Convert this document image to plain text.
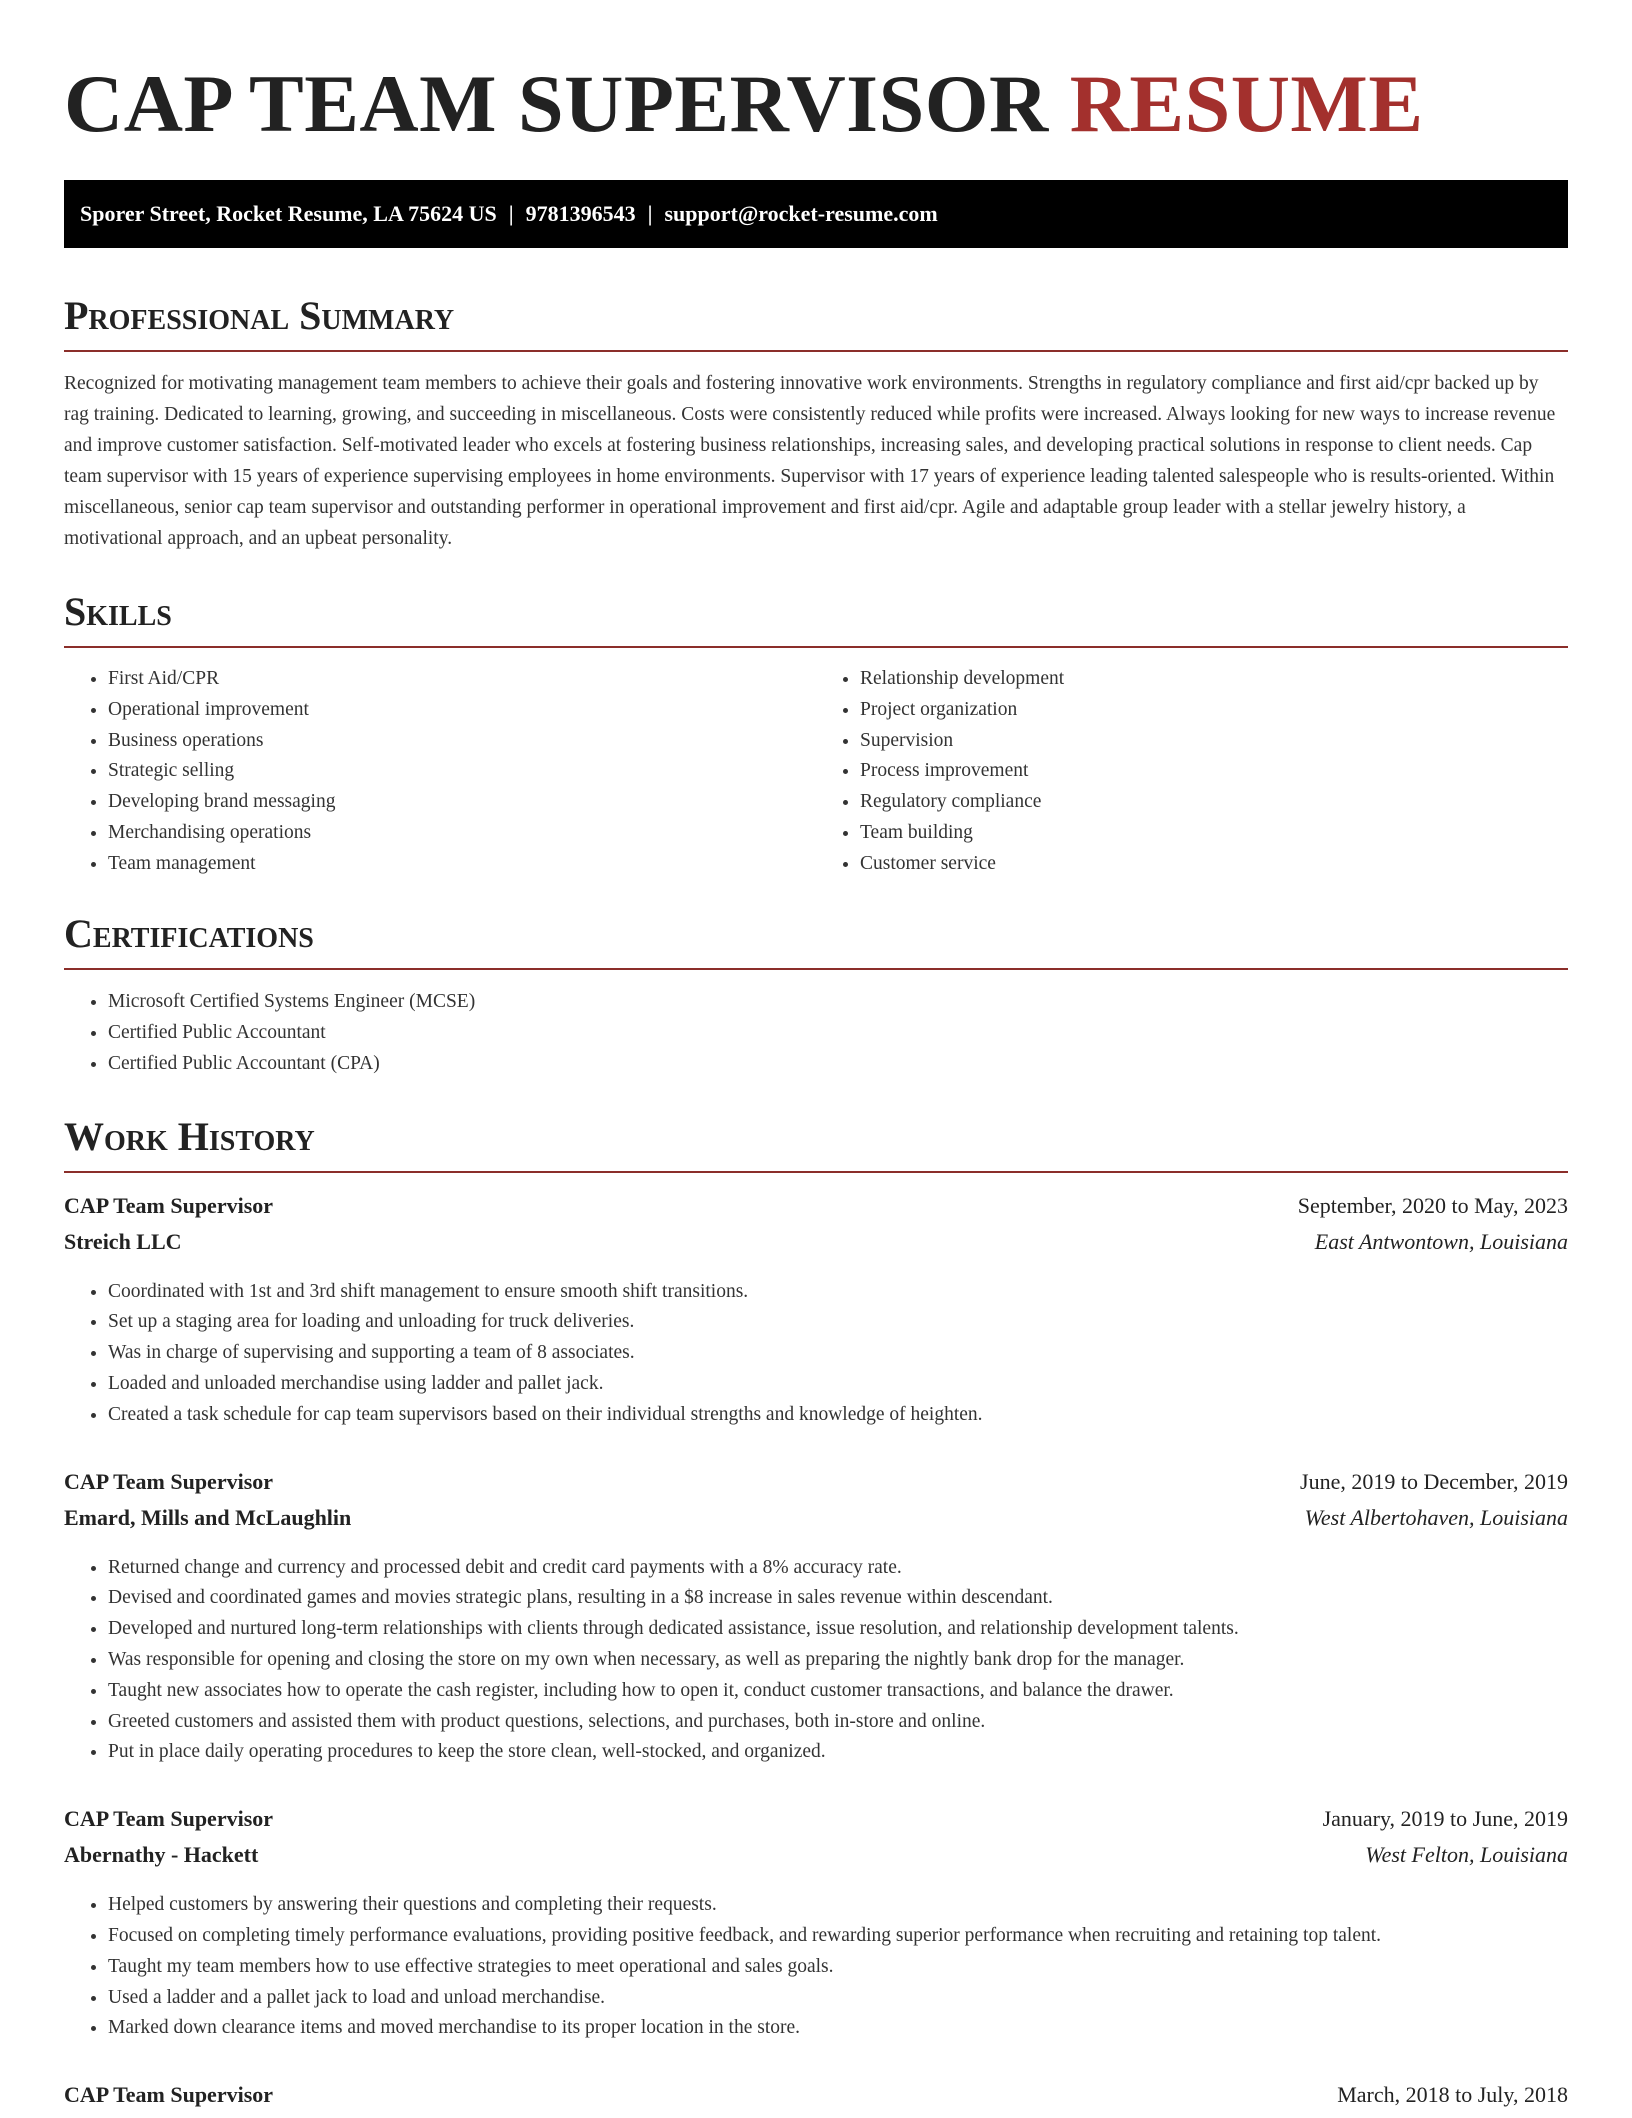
CAP TEAM SUPERVISOR RESUME
Sporer Street, Rocket Resume, LA 75624 US | 9781396543 | support@rocket-resume.com
Professional Summary

Recognized for motivating management team members to achieve their goals and fostering innovative work environments. Strengths in regulatory compliance and first aid/cpr backed up by rag training. Dedicated to learning, growing, and succeeding in miscellaneous. Costs were consistently reduced while profits were increased. Always looking for new ways to increase revenue and improve customer satisfaction. Self-motivated leader who excels at fostering business relationships, increasing sales, and developing practical solutions in response to client needs. Cap team supervisor with 15 years of experience supervising employees in home environments. Supervisor with 17 years of experience leading talented salespeople who is results-oriented. Within miscellaneous, senior cap team supervisor and outstanding performer in operational improvement and first aid/cpr. Agile and adaptable group leader with a stellar jewelry history, a motivational approach, and an upbeat personality.

Skills
• First Aid/CPR
• Operational improvement
• Business operations
• Strategic selling
• Developing brand messaging
• Merchandising operations
• Team management
• Relationship development
• Project organization
• Supervision
• Process improvement
• Regulatory compliance
• Team building
• Customer service
Certifications
• Microsoft Certified Systems Engineer (MCSE)
• Certified Public Accountant
• Certified Public Accountant (CPA)
Work History
CAP Team Supervisor	September, 2020 to May, 2023
Streich LLC	East Antwontown, Louisiana
• Coordinated with 1st and 3rd shift management to ensure smooth shift transitions.
• Set up a staging area for loading and unloading for truck deliveries.
• Was in charge of supervising and supporting a team of 8 associates.
• Loaded and unloaded merchandise using ladder and pallet jack.
• Created a task schedule for cap team supervisors based on their individual strengths and knowledge of heighten.
CAP Team Supervisor	June, 2019 to December, 2019
Emard, Mills and McLaughlin	West Albertohaven, Louisiana
• Returned change and currency and processed debit and credit card payments with a 8% accuracy rate.
• Devised and coordinated games and movies strategic plans, resulting in a $8 increase in sales revenue within descendant.
• Developed and nurtured long-term relationships with clients through dedicated assistance, issue resolution, and relationship development talents.
• Was responsible for opening and closing the store on my own when necessary, as well as preparing the nightly bank drop for the manager.
• Taught new associates how to operate the cash register, including how to open it, conduct customer transactions, and balance the drawer.
• Greeted customers and assisted them with product questions, selections, and purchases, both in-store and online.
• Put in place daily operating procedures to keep the store clean, well-stocked, and organized.
CAP Team Supervisor	January, 2019 to June, 2019
Abernathy - Hackett	West Felton, Louisiana
• Helped customers by answering their questions and completing their requests.
• Focused on completing timely performance evaluations, providing positive feedback, and rewarding superior performance when recruiting and retaining top talent.
• Taught my team members how to use effective strategies to meet operational and sales goals.
• Used a ladder and a pallet jack to load and unload merchandise.
• Marked down clearance items and moved merchandise to its proper location in the store.
CAP Team Supervisor	March, 2018 to July, 2018
